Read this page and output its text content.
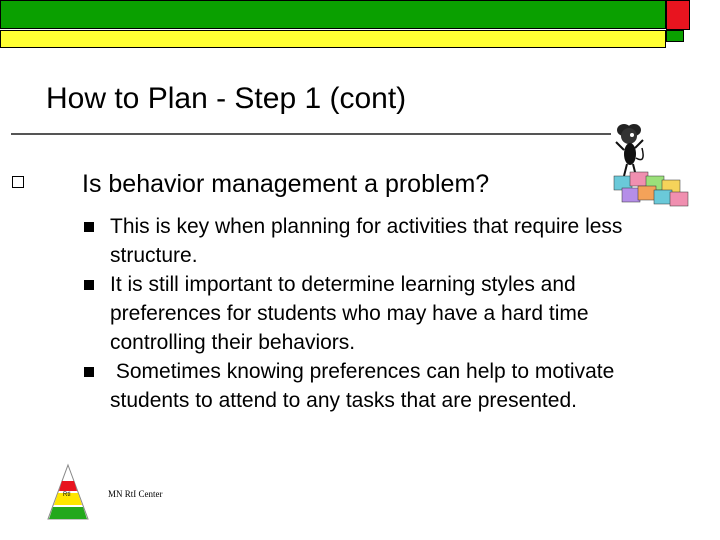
How to Plan - Step 1 (cont)
Is behavior management a problem?
This is key when planning for activities that require less structure.
It is still important to determine learning styles and preferences for students who may have a hard time controlling their behaviors.
Sometimes knowing preferences can help to motivate students to attend to any tasks that are presented.
RtI	MN RtI Center
